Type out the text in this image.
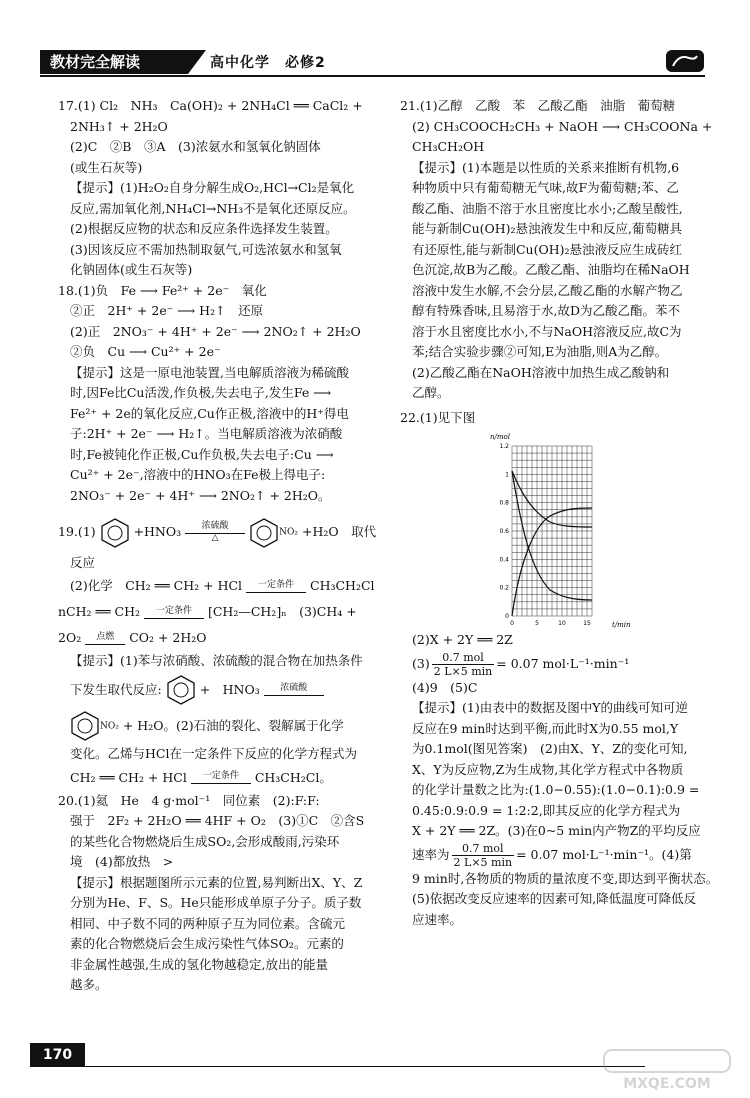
教材完全解读	高中化学　必修2

17.(1) Cl₂　NH₃　Ca(OH)₂ + 2NH₄Cl ══ CaCl₂ +

2NH₃↑ + 2H₂O

(2)C　②B　③A　(3)浓氨水和氢氧化钠固体

(或生石灰等)

【提示】(1)H₂O₂自身分解生成O₂,HCl→Cl₂是氧化

反应,需加氧化剂,NH₄Cl→NH₃不是氧化还原反应。

(2)根据反应物的状态和反应条件选择发生装置。

(3)因该反应不需加热制取氨气,可选浓氨水和氢氧

化钠固体(或生石灰等)

18.(1)负　Fe ⟶ Fe²⁺ + 2e⁻　氧化

②正　2H⁺ + 2e⁻ ⟶ H₂↑　还原

(2)正　2NO₃⁻ + 4H⁺ + 2e⁻ ⟶ 2NO₂↑ + 2H₂O

②负　Cu ⟶ Cu²⁺ + 2e⁻

【提示】这是一原电池装置,当电解质溶液为稀硫酸

时,因Fe比Cu活泼,作负极,失去电子,发生Fe ⟶

Fe²⁺ + 2e的氧化反应,Cu作正极,溶液中的H⁺得电

子:2H⁺ + 2e⁻ ⟶ H₂↑。当电解质溶液为浓硝酸

时,Fe被钝化作正极,Cu作负极,失去电子:Cu ⟶

Cu²⁺ + 2e⁻,溶液中的HNO₃在Fe极上得电子:

2NO₃⁻ + 2e⁻ + 4H⁺ ⟶ 2NO₂↑ + 2H₂O。

19.(1)	+HNO₃ 浓硫酸
△ NO₂ +H₂O　取代

反应

(2)化学　CH₂ ══ CH₂ + HCl 一定条件 CH₃CH₂Cl

nCH₂ ══ CH₂ 一定条件 [CH₂—CH₂]ₙ　(3)CH₄ +

2O₂ 点燃 CO₂ + 2H₂O

【提示】(1)苯与浓硝酸、浓硫酸的混合物在加热条件

下发生取代反应:	+　HNO₃ 浓硫酸

NO₂ + H₂O。(2)石油的裂化、裂解属于化学

变化。乙烯与HCl在一定条件下反应的化学方程式为

CH₂ ══ CH₂ + HCl 一定条件 CH₃CH₂Cl。

20.(1)氦　He　4 g·mol⁻¹　同位素　(2):F:F:

强于　2F₂ + 2H₂O ══ 4HF + O₂　(3)①C　②含S

的某些化合物燃烧后生成SO₂,会形成酸雨,污染环

境　(4)都放热　>

【提示】根据题图所示元素的位置,易判断出X、Y、Z

分别为He、F、S。He只能形成单原子分子。质子数

相同、中子数不同的两种原子互为同位素。含硫元

素的化合物燃烧后会生成污染性气体SO₂。元素的

非金属性越强,生成的氢化物越稳定,放出的能量

越多。

21.(1)乙醇　乙酸　苯　乙酸乙酯　油脂　葡萄糖

(2) CH₃COOCH₂CH₃ + NaOH ⟶ CH₃COONa +

CH₃CH₂OH

【提示】(1)本题是以性质的关系来推断有机物,6

种物质中只有葡萄糖无气味,故F为葡萄糖;苯、乙

酸乙酯、油脂不溶于水且密度比水小;乙酸呈酸性,

能与新制Cu(OH)₂悬浊液发生中和反应,葡萄糖具

有还原性,能与新制Cu(OH)₂悬浊液反应生成砖红

色沉淀,故B为乙酸。乙酸乙酯、油脂均在稀NaOH

溶液中发生水解,不会分层,乙酸乙酯的水解产物乙

醇有特殊香味,且易溶于水,故D为乙酸乙酯。苯不

溶于水且密度比水小,不与NaOH溶液反应,故C为

苯;结合实验步骤②可知,E为油脂,则A为乙醇。

(2)乙酸乙酯在NaOH溶液中加热生成乙酸钠和

乙醇。

22.(1)见下图

n/mol
t/min
0
0.2
0.4
0.6
0.8
1
1.2
0	5	10	15

(2)X + 2Y ══ 2Z

$(3) \frac{\text{0.7 mol}}{2 L\times 5 \min} = 0.07$ mol·L⁻¹·min⁻¹

(4)9　(5)C

【提示】(1)由表中的数据及图中Y的曲线可知可逆

反应在9 min时达到平衡,而此时X为0.55 mol,Y

为0.1mol(图见答案)　(2)由X、Y、Z的变化可知,

X、Y为反应物,Z为生成物,其化学方程式中各物质

的化学计量数之比为:(1.0−0.55):(1.0−0.1):0.9 =

0.45:0.9:0.9 = 1:2:2,即其反应的化学方程式为

X + 2Y ══ 2Z。(3)在0~5 min内产物Z的平均反应

速率为 $\frac{\text{0.7 mol}}{2 L\times 5 \min} = 0.07$ mol·L⁻¹·min⁻¹。(4)第

9 min时,各物质的物质的量浓度不变,即达到平衡状态。

(5)依据改变反应速率的因素可知,降低温度可降低反

应速率。

170
MXQE.COM
